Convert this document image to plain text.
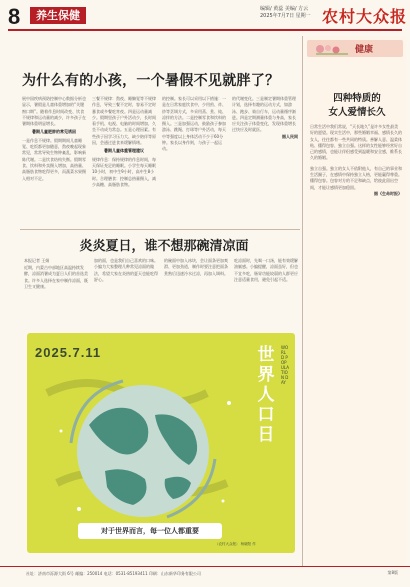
8	养生保健	编辑/ 黄蕊 美编/ 方云
2025年7月7日 星期一 农村大众报
为什么有的小孩，一个暑假不见就胖了？
展中国疾病预防控制中心数据分析也显示，暑假是儿童体重增加的“关键窗口期”。随着作息时间改变、饮食不规律和运动量的减少，许多孩子在暑期体重明显增长。
暑期儿童肥胖的常见诱因
一是作息不规律。假期期间儿童睡觉、吃饭都更加随意，熬夜晚起现象常见，常常导致生物钟紊乱，影响新陈代谢。二是饮食结构失衡。假期零食、饮料和外卖摄入增加，高热量、高脂肪食物吃得更多，而蔬菜水果摄入相对不足。
三餐不规律：熬夜、睡懒觉等不规律作息，导致三餐不定时，容易不定时暴食或多餐吃宵夜。四是运动量减少。假期里孩子户外活动少，长时间看手机、电视、电脑的时间增加，久坐不动成为常态。五是心理因素。有些孩子因学习压力大、缺少陪伴等原因，会通过进食来缓解情绪。
暑期儿童体重管理建议
规律作息：保持规律的作息时间，每天保证充足的睡眠。小学生每天睡眠10小时，初中生9小时，高中生8小时。合理膳食：控制总热量摄入，减少高糖、高脂肪食物。
的控制。家长可以采用以下措施：一是在日常家庭饮食中，少用煎、炸、炒等烹调方式，多采用蒸、煮、炖、凉拌的方法。二是控制零食和饮料的摄入。三是加强运动，鼓励孩子参加游泳、跳绳、打球等户外活动，每天中等强度以上身体活动不少于60分钟。家长以身作则，与孩子一起运动。
的代谢变化。三是制定暑期体重管理计划，选择有趣的运动方式，如游泳、跑步、骑自行车，运动量循序渐进。四是定期测量体重与身高，家长应关注孩子体重变化，发现体重增长过快应及时就医。
据人民网
炎炎夏日，谁不想那碗清凉面
本报记者 王娟
近期，内蒙古中部地区高温持续发酵，凉面消暑成为夏日人们的首选美食。许多人选择在家中制作凉面，既卫生又健康。
加的面，也是我们自己喜欢的口味。小编为大家整理几种常见凉面的做法，希望大家在炎热的夏天也能吃得舒心。
的碗面中加入冰块，会让面条更加爽滑、更加劲道，制作时要注意把面条煮熟后迅速冷水过凉，再加入调料。
吃凉面时，先喝一口汤，能有效缓解油腻感。小编提醒，凉面虽好，但也不宜多吃，肠胃功能较弱的人群更应注意适量食用，避免引起不适。
2025.7.11	世界人口日
WORLD POPULATION DAY
对于世界而言，每一位人都重要
（农村大众报） 杨晓阳 作
健康
四种特质的
女人爱情长久
日常生活中我们常说，“天长地久”是许多女性最美好的愿望。现实生活中，那些婚姻幸福、感情长久的女人，往往都有一些共同的特质。善解人意、温柔体贴、懂得包容、独立自强。这样的女性能够经营好自己的感情，也能让伴侣感受到温暖和安全感，维系长久的婚姻。
独立自强。独立的女人不依附他人，有自己的事业和生活圈子，在感情中保持独立人格，更能赢得尊重。懂得包容。包容对方的不足和缺点，给彼此留出空间，才能让感情更加稳固。
据《生命时报》
社址：济南市泺源大街 6号 邮编：250014 电话：0531-85193411 印刷：山东新华印务有限公司	第8版
